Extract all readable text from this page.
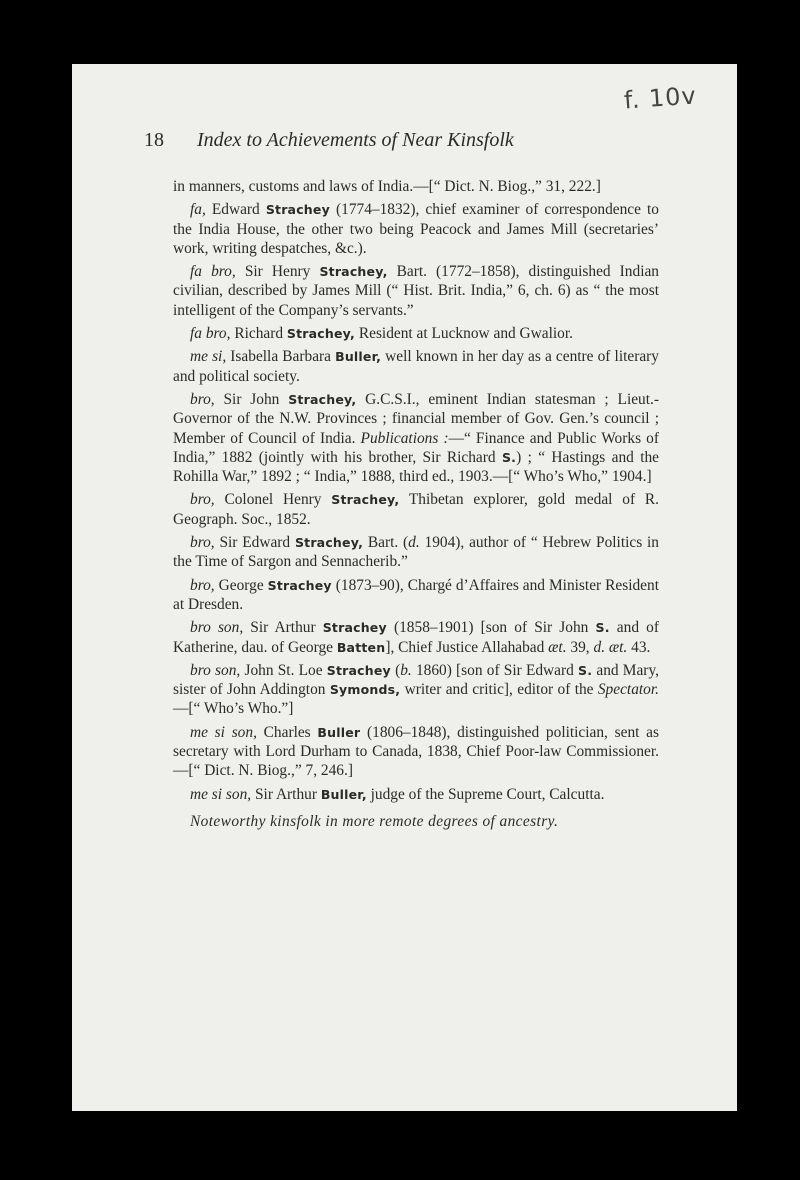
f. 10v
18 Index to Achievements of Near Kinsfolk

in manners, customs and laws of India.—[“ Dict. N. Biog.,” 31, 222.]

fa, Edward Strachey (1774–1832), chief examiner of correspondence to the India House, the other two being Peacock and James Mill (secretaries’ work, writing despatches, &c.).

fa bro, Sir Henry Strachey, Bart. (1772–1858), distinguished Indian civilian, described by James Mill (“ Hist. Brit. India,” 6, ch. 6) as “ the most intelligent of the Company’s servants.”

fa bro, Richard Strachey, Resident at Lucknow and Gwalior.

me si, Isabella Barbara Buller, well known in her day as a centre of literary and political society.

bro, Sir John Strachey, G.C.S.I., eminent Indian statesman ; Lieut.-Governor of the N.W. Provinces ; financial member of Gov. Gen.’s council ; Member of Council of India. Publications :—“ Finance and Public Works of India,” 1882 (jointly with his brother, Sir Richard S.) ; “ Hastings and the Rohilla War,” 1892 ; “ India,” 1888, third ed., 1903.—[“ Who’s Who,” 1904.]

bro, Colonel Henry Strachey, Thibetan explorer, gold medal of R. Geograph. Soc., 1852.

bro, Sir Edward Strachey, Bart. (d. 1904), author of “ Hebrew Politics in the Time of Sargon and Sennacherib.”

bro, George Strachey (1873–90), Chargé d’Affaires and Minister Resident at Dresden.

bro son, Sir Arthur Strachey (1858–1901) [son of Sir John S. and of Katherine, dau. of George Batten], Chief Justice Allahabad æt. 39, d. æt. 43.

bro son, John St. Loe Strachey (b. 1860) [son of Sir Edward S. and Mary, sister of John Addington Symonds, writer and critic], editor of the Spectator.—[“ Who’s Who.”]

me si son, Charles Buller (1806–1848), distinguished politician, sent as secretary with Lord Durham to Canada, 1838, Chief Poor-law Commissioner.—[“ Dict. N. Biog.,” 7, 246.]

me si son, Sir Arthur Buller, judge of the Supreme Court, Calcutta.

Noteworthy kinsfolk in more remote degrees of ancestry.
